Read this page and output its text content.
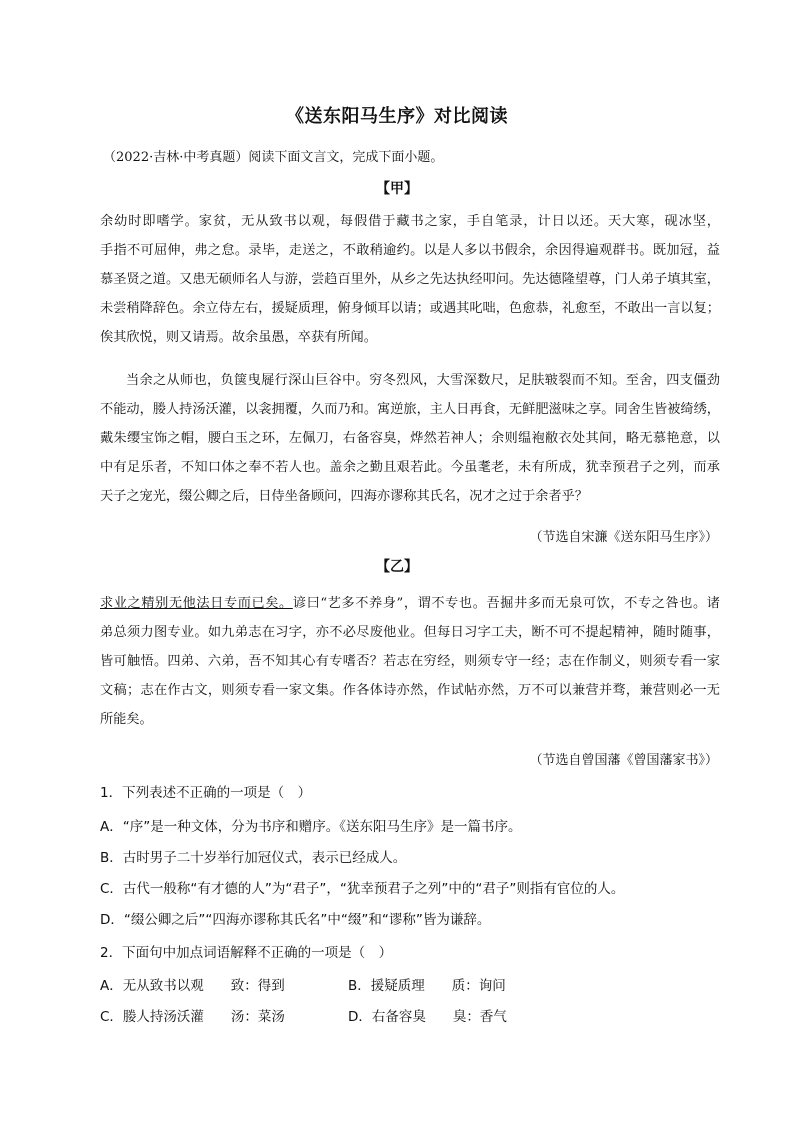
《送东阳马生序》对比阅读
（2022·吉林·中考真题）阅读下面文言文，完成下面小题。
【甲】
余幼时即嗜学。家贫，无从致书以观，每假借于藏书之家，手自笔录，计日以还。天大寒，砚冰坚，
手指不可屈伸，弗之怠。录毕，走送之，不敢稍逾约。以是人多以书假余，余因得遍观群书。既加冠，益
慕圣贤之道。又患无硕师名人与游，尝趋百里外，从乡之先达执经叩问。先达德隆望尊，门人弟子填其室，
未尝稍降辞色。余立侍左右，援疑质理，俯身倾耳以请；或遇其叱咄，色愈恭，礼愈至，不敢出一言以复；
俟其欣悦，则又请焉。故余虽愚，卒获有所闻。
当余之从师也，负箧曳屣行深山巨谷中。穷冬烈风，大雪深数尺，足肤皲裂而不知。至舍，四支僵劲
不能动，媵人持汤沃灌，以衾拥覆，久而乃和。寓逆旅，主人日再食，无鲜肥滋味之享。同舍生皆被绮绣，
戴朱缨宝饰之帽，腰白玉之环，左佩刀，右备容臭，烨然若神人；余则缊袍敝衣处其间，略无慕艳意，以
中有足乐者，不知口体之奉不若人也。盖余之勤且艰若此。今虽耄老，未有所成，犹幸预君子之列，而承
天子之宠光，缀公卿之后，日侍坐备顾问，四海亦谬称其氏名，况才之过于余者乎？
（节选自宋濂《送东阳马生序》）
【乙】
求业之精别无他法日专而已矣。谚曰“艺多不养身”，谓不专也。吾掘井多而无泉可饮，不专之咎也。诸
弟总须力图专业。如九弟志在习字，亦不必尽废他业。但每日习字工夫，断不可不提起精神，随时随事，
皆可触悟。四弟、六弟，吾不知其心有专嗜否？若志在穷经，则须专守一经；志在作制义，则须专看一家
文稿；志在作古文，则须专看一家文集。作各体诗亦然，作试帖亦然，万不可以兼营并骛，兼营则必一无
所能矣。
（节选自曾国藩《曾国藩家书》）
1．下列表述不正确的一项是（　）
A．“序”是一种文体，分为书序和赠序。《送东阳马生序》是一篇书序。
B．古时男子二十岁举行加冠仪式，表示已经成人。
C．古代一般称“有才德的人”为“君子”，“犹幸预君子之列”中的“君子”则指有官位的人。
D．“缀公卿之后”“四海亦谬称其氏名”中“缀”和“谬称”皆为谦辞。
2．下面句中加点词语解释不正确的一项是（　）
A．无从致书以观　　致：得到	B．援疑质理　　质：询问
C．媵人持汤沃灌　　汤：菜汤	D．右备容臭　　臭：香气
